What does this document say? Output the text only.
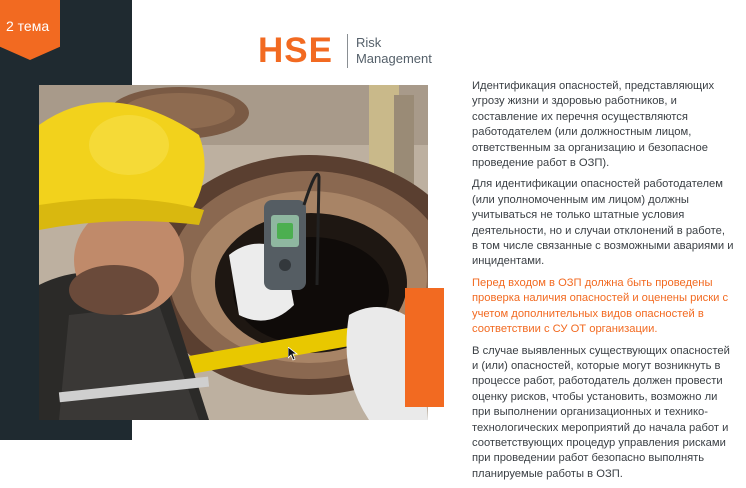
2 тема
HSE Risk
Management

Идентификация опасностей, представляющих угрозу жизни и здоровью работников, и составление их перечня осуществляются работодателем (или должностным лицом, ответственным за организацию и безопасное проведение работ в ОЗП).

Для идентификации опасностей работодателем (или уполномоченным им лицом) должны учитываться не только штатные условия деятельности, но и случаи отклонений в работе, в том числе связанные с возможными авариями и инцидентами.

Перед входом в ОЗП должна быть проведены проверка наличия опасностей и оценены риски с учетом дополнительных видов опасностей в соответствии с СУ ОТ организации.

В случае выявленных существующих опасностей и (или) опасностей, которые могут возникнуть в процессе работ, работодатель должен провести оценку рисков, чтобы установить, возможно ли при выполнении организационных и технико-технологических мероприятий до начала работ и соответствующих процедур управления рисками при проведении работ безопасно выполнять планируемые работы в ОЗП.
